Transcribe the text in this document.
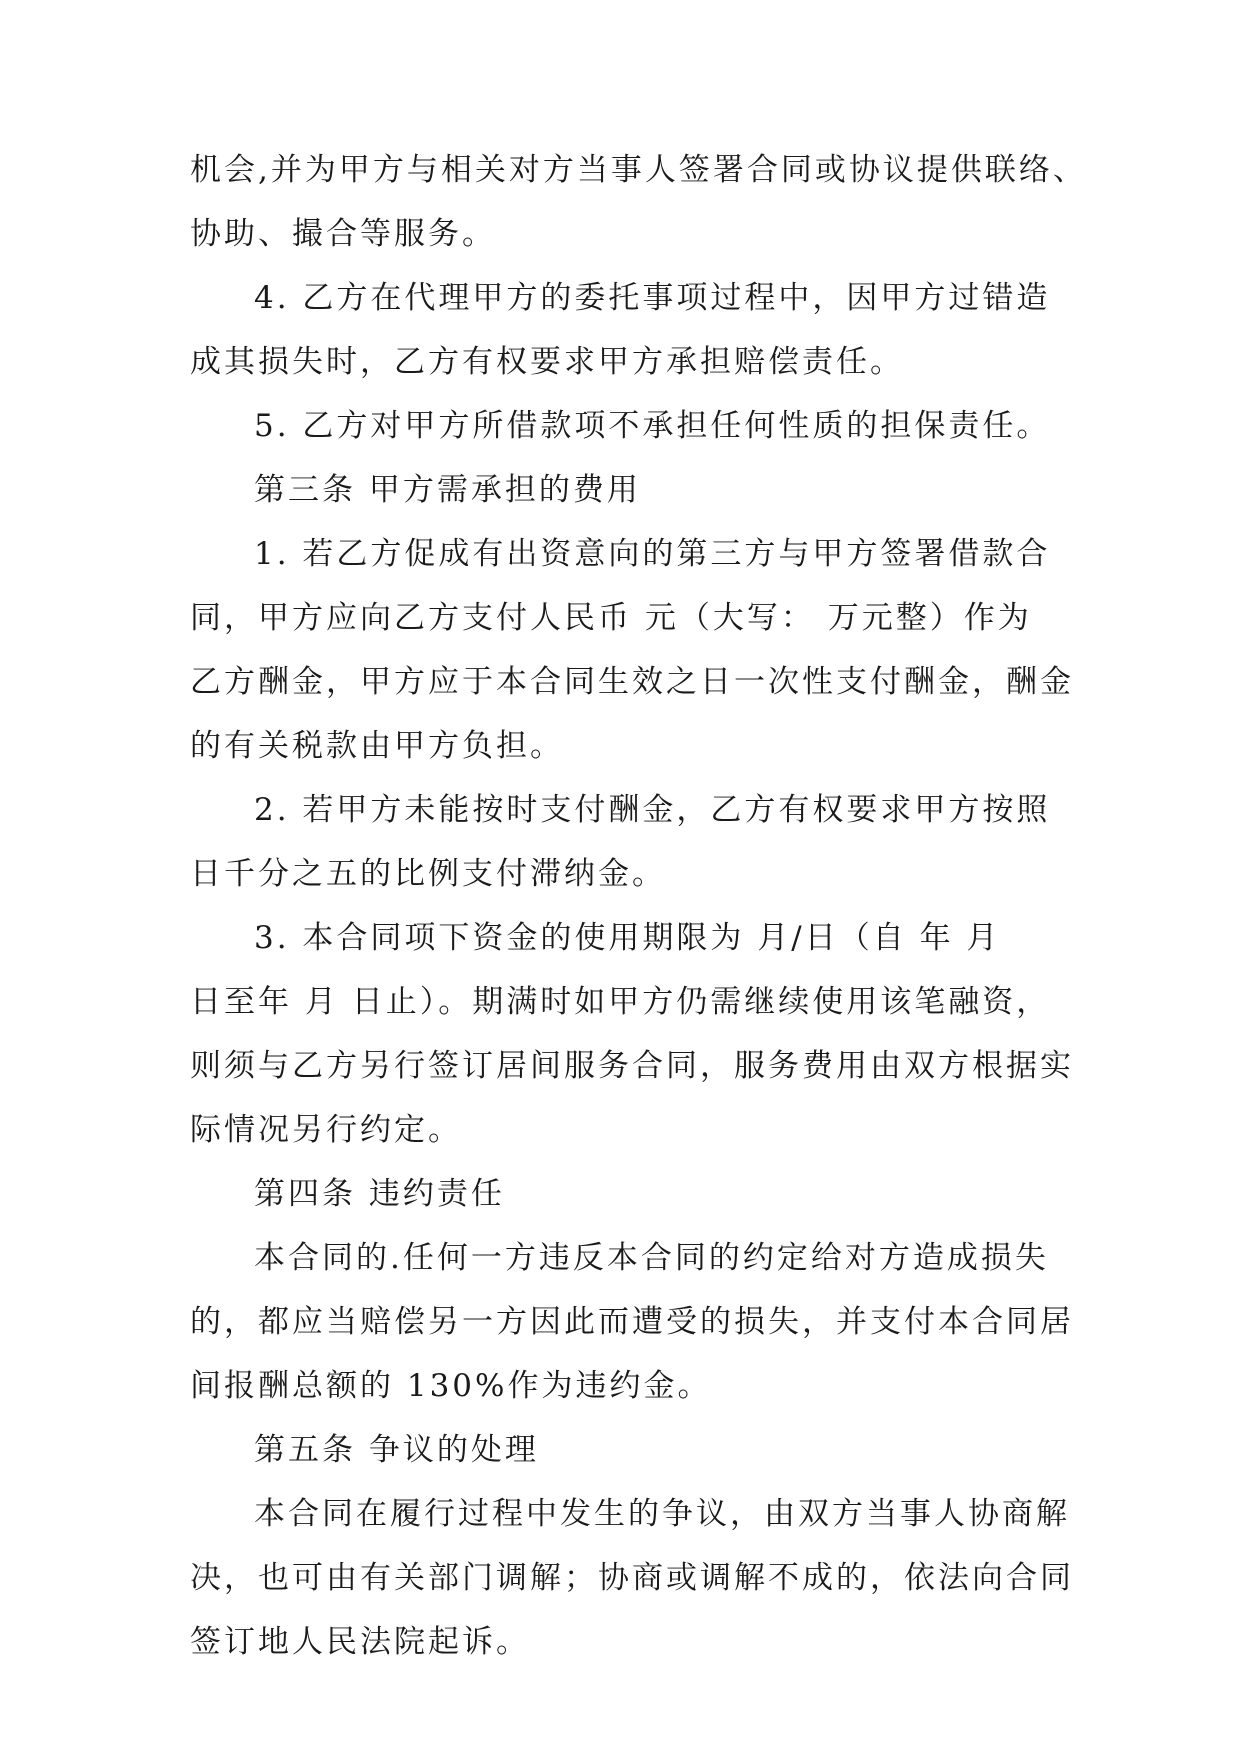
机会,并为甲方与相关对方当事人签署合同或协议提供联络、
协助、撮合等服务。
4. 乙方在代理甲方的委托事项过程中，因甲方过错造
成其损失时，乙方有权要求甲方承担赔偿责任。
5. 乙方对甲方所借款项不承担任何性质的担保责任。
第三条 甲方需承担的费用
1. 若乙方促成有出资意向的第三方与甲方签署借款合
同，甲方应向乙方支付人民币 元（大写： 万元整）作为
乙方酬金，甲方应于本合同生效之日一次性支付酬金，酬金
的有关税款由甲方负担。
2. 若甲方未能按时支付酬金，乙方有权要求甲方按照
日千分之五的比例支付滞纳金。
3. 本合同项下资金的使用期限为 月/日（自 年 月
日至年 月 日止）。期满时如甲方仍需继续使用该笔融资，
则须与乙方另行签订居间服务合同，服务费用由双方根据实
际情况另行约定。
第四条 违约责任
本合同的.任何一方违反本合同的约定给对方造成损失
的，都应当赔偿另一方因此而遭受的损失，并支付本合同居
间报酬总额的 130%作为违约金。
第五条 争议的处理
本合同在履行过程中发生的争议，由双方当事人协商解
决，也可由有关部门调解；协商或调解不成的，依法向合同
签订地人民法院起诉。
